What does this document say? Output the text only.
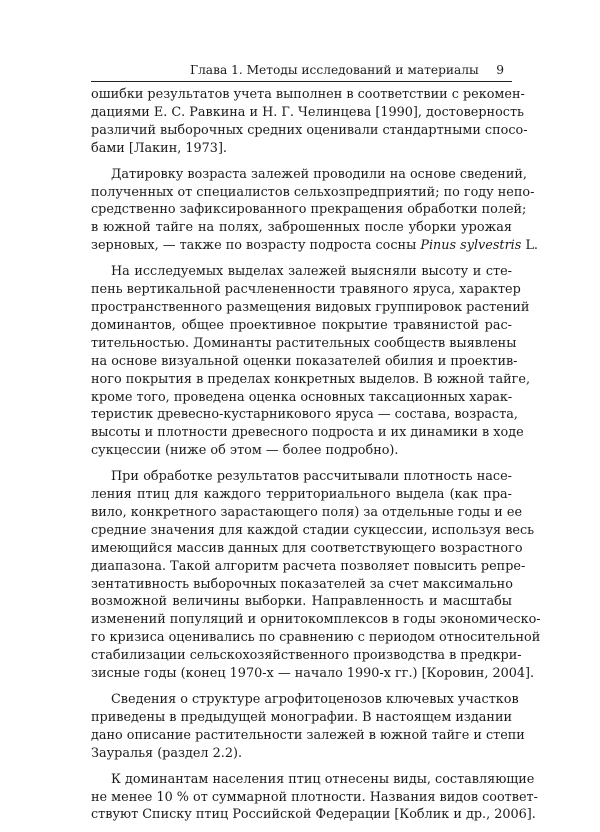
Глава 1. Методы исследований и материалы 9

ошибки результатов учета выполнен в соответствии с рекомен-
дациями Е. С. Равкина и Н. Г. Челинцева [1990], достоверность
различий выборочных средних оценивали стандартными спосо-
бами [Лакин, 1973].

Датировку возраста залежей проводили на основе сведений,
полученных от специалистов сельхозпредприятий; по году непо-
средственно зафиксированного прекращения обработки полей;
в южной тайге на полях, заброшенных после уборки урожая
зерновых, — также по возрасту подроста сосны Pinus sylvestris L.

На исследуемых выделах залежей выясняли высоту и сте-
пень вертикальной расчлененности травяного яруса, характер
пространственного размещения видовых группировок растений
доминантов, общее проективное покрытие травянистой рас-
тительностью. Доминанты растительных сообществ выявлены
на основе визуальной оценки показателей обилия и проектив-
ного покрытия в пределах конкретных выделов. В южной тайге,
кроме того, проведена оценка основных таксационных харак-
теристик древесно-кустарникового яруса — состава, возраста,
высоты и плотности древесного подроста и их динамики в ходе
сукцессии (ниже об этом — более подробно).

При обработке результатов рассчитывали плотность насе-
ления птиц для каждого территориального выдела (как пра-
вило, конкретного зарастающего поля) за отдельные годы и ее
средние значения для каждой стадии сукцессии, используя весь
имеющийся массив данных для соответствующего возрастного
диапазона. Такой алгоритм расчета позволяет повысить репре-
зентативность выборочных показателей за счет максимально
возможной величины выборки. Направленность и масштабы
изменений популяций и орнитокомплексов в годы экономическо-
го кризиса оценивались по сравнению с периодом относительной
стабилизации сельскохозяйственного производства в предкри-
зисные годы (конец 1970-х — начало 1990-х гг.) [Коровин, 2004].

Сведения о структуре агрофитоценозов ключевых участков
приведены в предыдущей монографии. В настоящем издании
дано описание растительности залежей в южной тайге и степи
Зауралья (раздел 2.2).

К доминантам населения птиц отнесены виды, составляющие
не менее 10 % от суммарной плотности. Названия видов соответ-
ствуют Списку птиц Российской Федерации [Коблик и др., 2006].
